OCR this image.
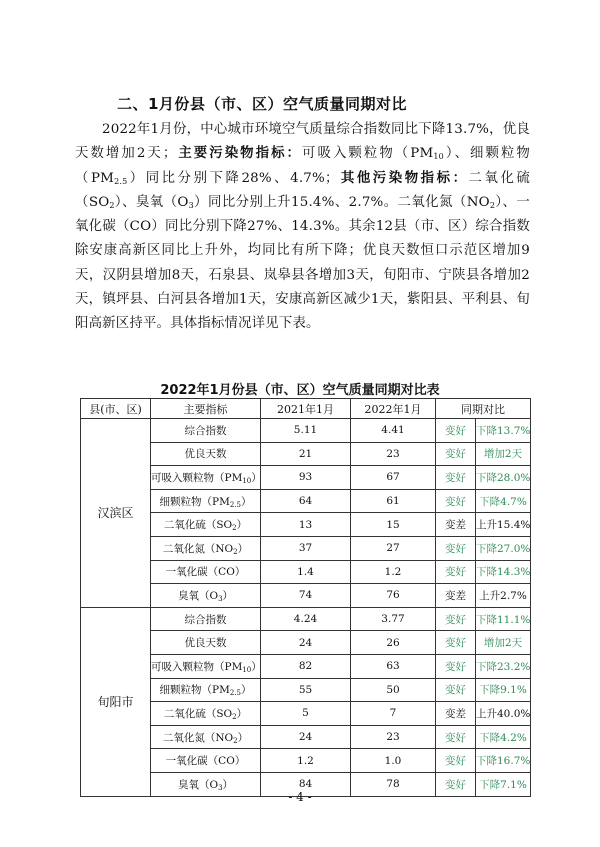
二、1月份县（市、区）空气质量同期对比

2022年1月份，中心城市环境空气质量综合指数同比下降13.7%，优良天数增加2天；主要污染物指标：可吸入颗粒物$(PM_{10})$、细颗粒物$(PM_{2.5})$同比分别下降28%、4.7%；其他污染物指标：二氧化硫$(SO_2)$、臭氧$(O_3)$同比分别上升15.4%、2.7%。二氧化氮$(NO_2)$、一氧化碳（CO）同比分别下降27%、14.3%。其余12县（市、区）综合指数除安康高新区同比上升外，均同比有所下降；优良天数恒口示范区增加9天，汉阴县增加8天，石泉县、岚皋县各增加3天，旬阳市、宁陕县各增加2天，镇坪县、白河县各增加1天，安康高新区减少1天，紫阳县、平利县、旬阳高新区持平。具体指标情况详见下表。

2022年1月份县（市、区）空气质量同期对比表
县(市、区)	主要指标	2021年1月	2022年1月	同期对比	
汉滨区	综合指数	5.11	4.41	变好	下降13.7%
	优良天数	21	23	变好	增加2天
	可吸入颗粒物$(PM_{10})$	93	67	变好	下降28.0%
	细颗粒物$(PM_{2.5})$	64	61	变好	下降4.7%
	二氧化硫$(SO_2)$	13	15	变差	上升15.4%
	二氧化氮$(NO_2)$	37	27	变好	下降27.0%
	一氧化碳（CO）	1.4	1.2	变好	下降14.3%
	臭氧$(O_3)$	74	76	变差	上升2.7%
旬阳市	综合指数	4.24	3.77	变好	下降11.1%
	优良天数	24	26	变好	增加2天
	可吸入颗粒物$(PM_{10})$	82	63	变好	下降23.2%
	细颗粒物$(PM_{2.5})$	55	50	变好	下降9.1%
	二氧化硫$(SO_2)$	5	7	变差	上升40.0%
	二氧化氮$(NO_2)$	24	23	变好	下降4.2%
	一氧化碳（CO）	1.2	1.0	变好	下降16.7%
	臭氧$(O_3)$	84	78	变好	下降7.1%
- 4 -
